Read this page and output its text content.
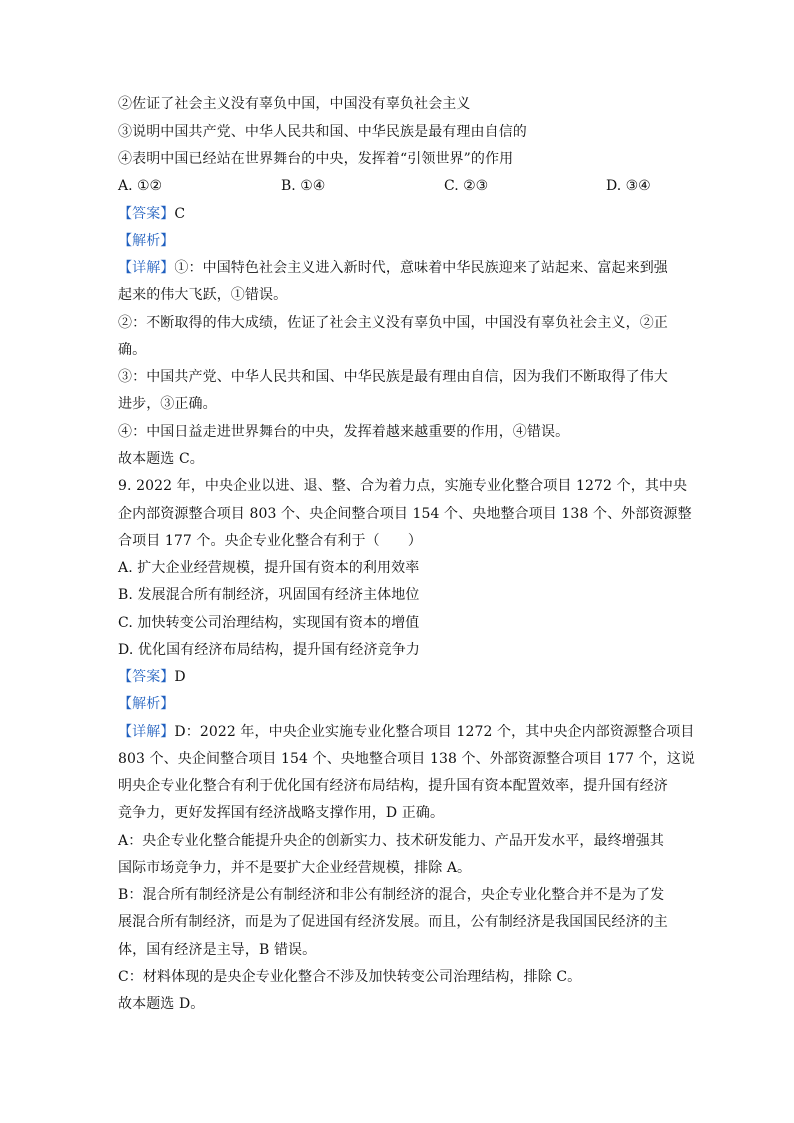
②佐证了社会主义没有辜负中国，中国没有辜负社会主义
③说明中国共产党、中华人民共和国、中华民族是最有理由自信的
④表明中国已经站在世界舞台的中央，发挥着“引领世界”的作用
A. ①②	B. ①④	C. ②③	D. ③④
【答案】C
【解析】
【详解】①：中国特色社会主义进入新时代，意味着中华民族迎来了站起来、富起来到强
起来的伟大飞跃，①错误。
②：不断取得的伟大成绩，佐证了社会主义没有辜负中国，中国没有辜负社会主义，②正
确。
③：中国共产党、中华人民共和国、中华民族是最有理由自信，因为我们不断取得了伟大
进步，③正确。
④：中国日益走进世界舞台的中央，发挥着越来越重要的作用，④错误。
故本题选 C。
9. 2022 年，中央企业以进、退、整、合为着力点，实施专业化整合项目 1272 个，其中央
企内部资源整合项目 803 个、央企间整合项目 154 个、央地整合项目 138 个、外部资源整
合项目 177 个。央企专业化整合有利于（　　）
A. 扩大企业经营规模，提升国有资本的利用效率
B. 发展混合所有制经济，巩固国有经济主体地位
C. 加快转变公司治理结构，实现国有资本的增值
D. 优化国有经济布局结构，提升国有经济竞争力
【答案】D
【解析】
【详解】D：2022 年，中央企业实施专业化整合项目 1272 个，其中央企内部资源整合项目
803 个、央企间整合项目 154 个、央地整合项目 138 个、外部资源整合项目 177 个，这说
明央企专业化整合有利于优化国有经济布局结构，提升国有资本配置效率，提升国有经济
竞争力，更好发挥国有经济战略支撑作用，D 正确。
A：央企专业化整合能提升央企的创新实力、技术研发能力、产品开发水平，最终增强其
国际市场竞争力，并不是要扩大企业经营规模，排除 A。
B：混合所有制经济是公有制经济和非公有制经济的混合，央企专业化整合并不是为了发
展混合所有制经济，而是为了促进国有经济发展。而且，公有制经济是我国国民经济的主
体，国有经济是主导，B 错误。
C：材料体现的是央企专业化整合不涉及加快转变公司治理结构，排除 C。
故本题选 D。
